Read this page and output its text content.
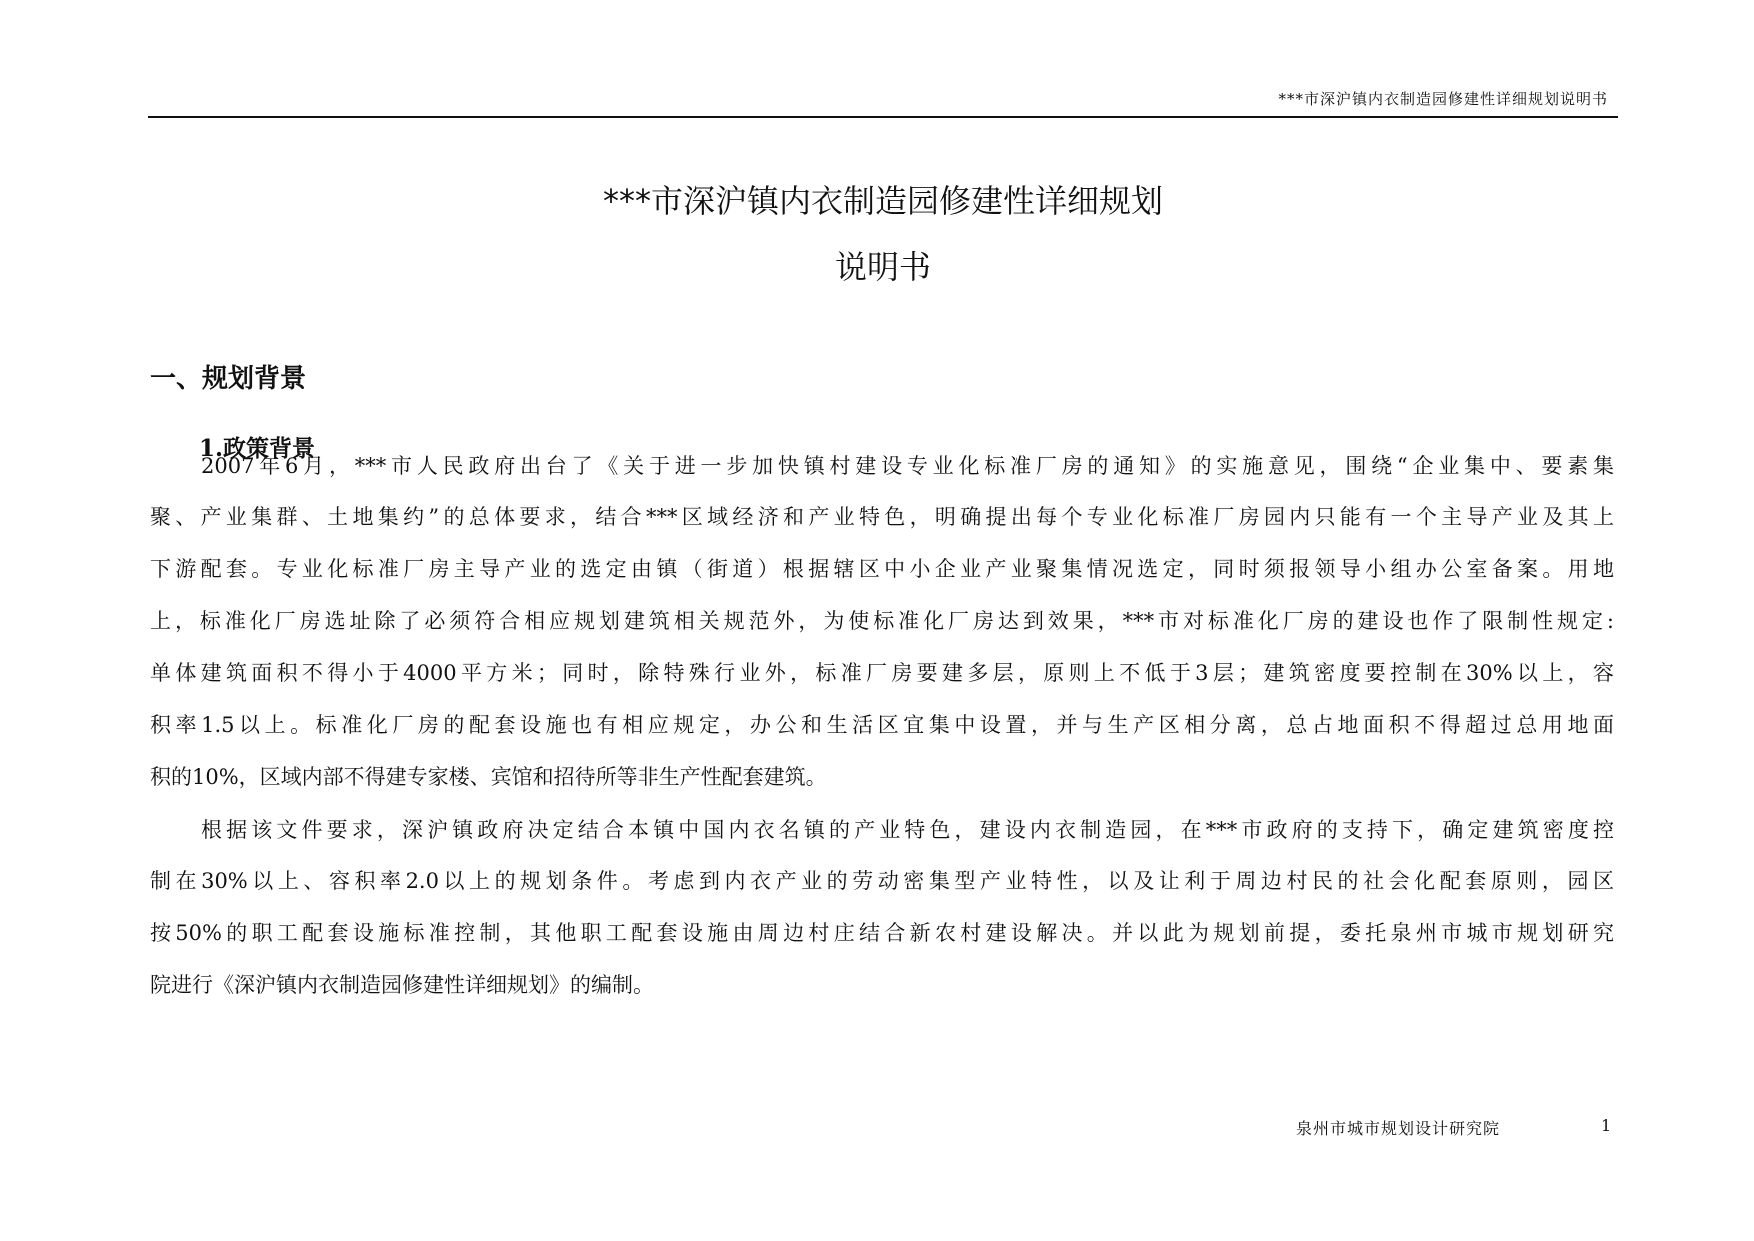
***市深沪镇内衣制造园修建性详细规划说明书
***市深沪镇内衣制造园修建性详细规划
说明书
一、规划背景
1.政策背景
2007年6月，***市人民政府出台了《关于进一步加快镇村建设专业化标准厂房的通知》的实施意见，围绕“企业集中、要素集
聚、产业集群、土地集约”的总体要求，结合***区域经济和产业特色，明确提出每个专业化标准厂房园内只能有一个主导产业及其上
下游配套。专业化标准厂房主导产业的选定由镇（街道）根据辖区中小企业产业聚集情况选定，同时须报领导小组办公室备案。用地
上，标准化厂房选址除了必须符合相应规划建筑相关规范外，为使标准化厂房达到效果，***市对标准化厂房的建设也作了限制性规定:
单体建筑面积不得小于4000平方米；同时，除特殊行业外，标准厂房要建多层，原则上不低于3层；建筑密度要控制在30%以上，容
积率1.5以上。标准化厂房的配套设施也有相应规定，办公和生活区宜集中设置，并与生产区相分离，总占地面积不得超过总用地面
积的10%，区域内部不得建专家楼、宾馆和招待所等非生产性配套建筑。
根据该文件要求，深沪镇政府决定结合本镇中国内衣名镇的产业特色，建设内衣制造园，在***市政府的支持下，确定建筑密度控
制在30%以上、容积率2.0以上的规划条件。考虑到内衣产业的劳动密集型产业特性，以及让利于周边村民的社会化配套原则，园区
按50%的职工配套设施标准控制，其他职工配套设施由周边村庄结合新农村建设解决。并以此为规划前提，委托泉州市城市规划研究
院进行《深沪镇内衣制造园修建性详细规划》的编制。
泉州市城市规划设计研究院	1
